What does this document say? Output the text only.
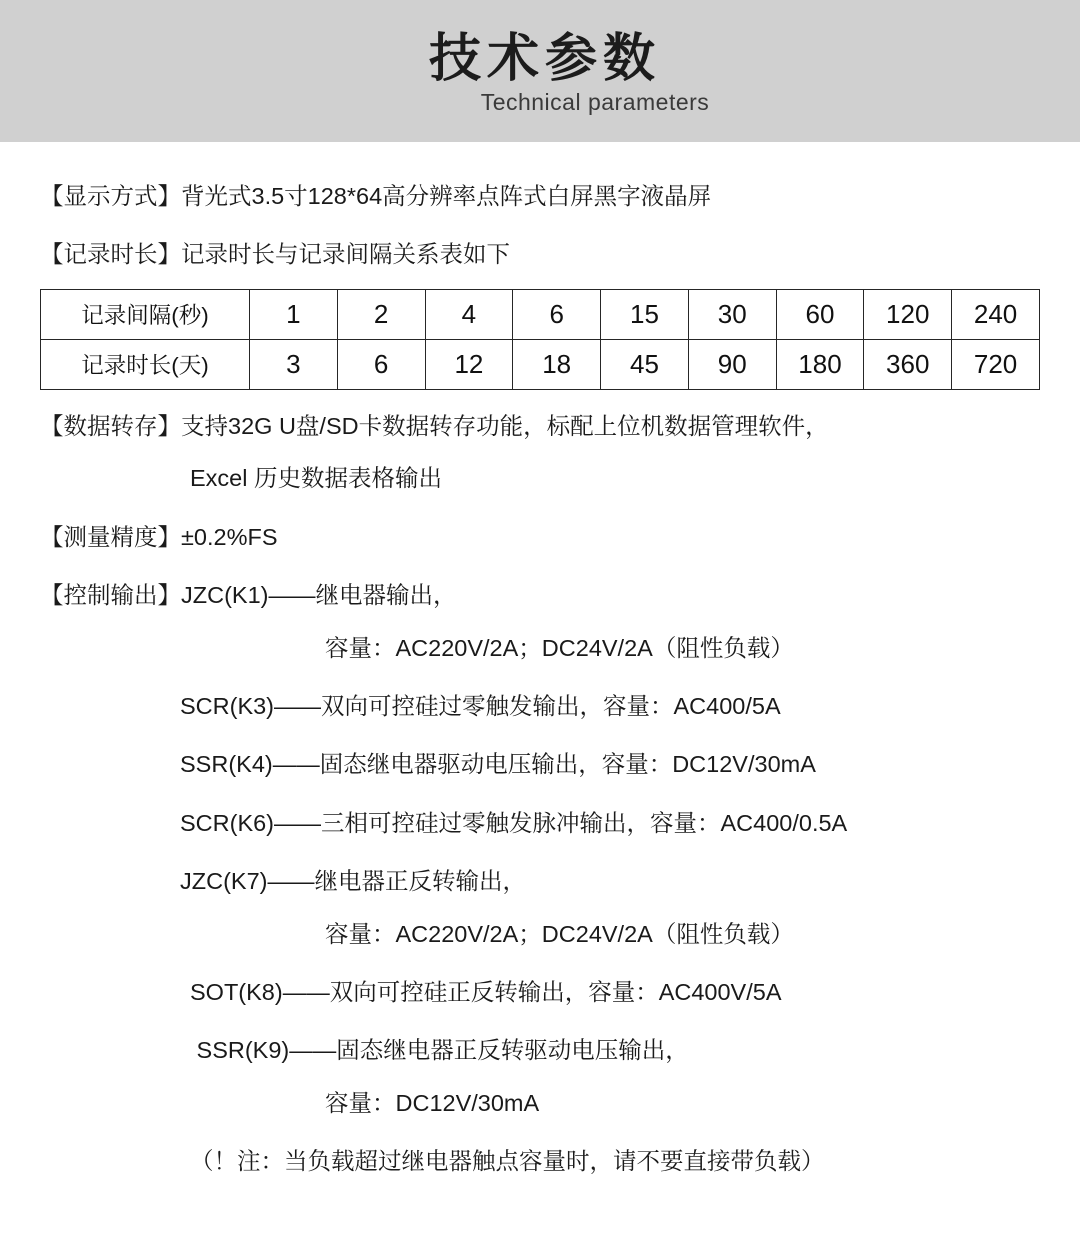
技术参数
Technical parameters

【显示方式】背光式3.5寸128*64高分辨率点阵式白屏黑字液晶屏

【记录时长】记录时长与记录间隔关系表如下

记录间隔(秒)	1	2	4	6	15	30	60	120	240
记录时长(天)	3	6	12	18	45	90	180	360	720

【数据转存】支持32G U盘/SD卡数据转存功能，标配上位机数据管理软件，

Excel 历史数据表格输出

【测量精度】±0.2%FS

【控制输出】JZC(K1)——继电器输出，

容量：AC220V/2A；DC24V/2A（阻性负载）

SCR(K3)——双向可控硅过零触发输出，容量：AC400/5A

SSR(K4)——固态继电器驱动电压输出，容量：DC12V/30mA

SCR(K6)——三相可控硅过零触发脉冲输出，容量：AC400/0.5A

JZC(K7)——继电器正反转输出，

容量：AC220V/2A；DC24V/2A（阻性负载）

SOT(K8)——双向可控硅正反转输出，容量：AC400V/5A

SSR(K9)——固态继电器正反转驱动电压输出，

容量：DC12V/30mA

（！注：当负载超过继电器触点容量时，请不要直接带负载）
